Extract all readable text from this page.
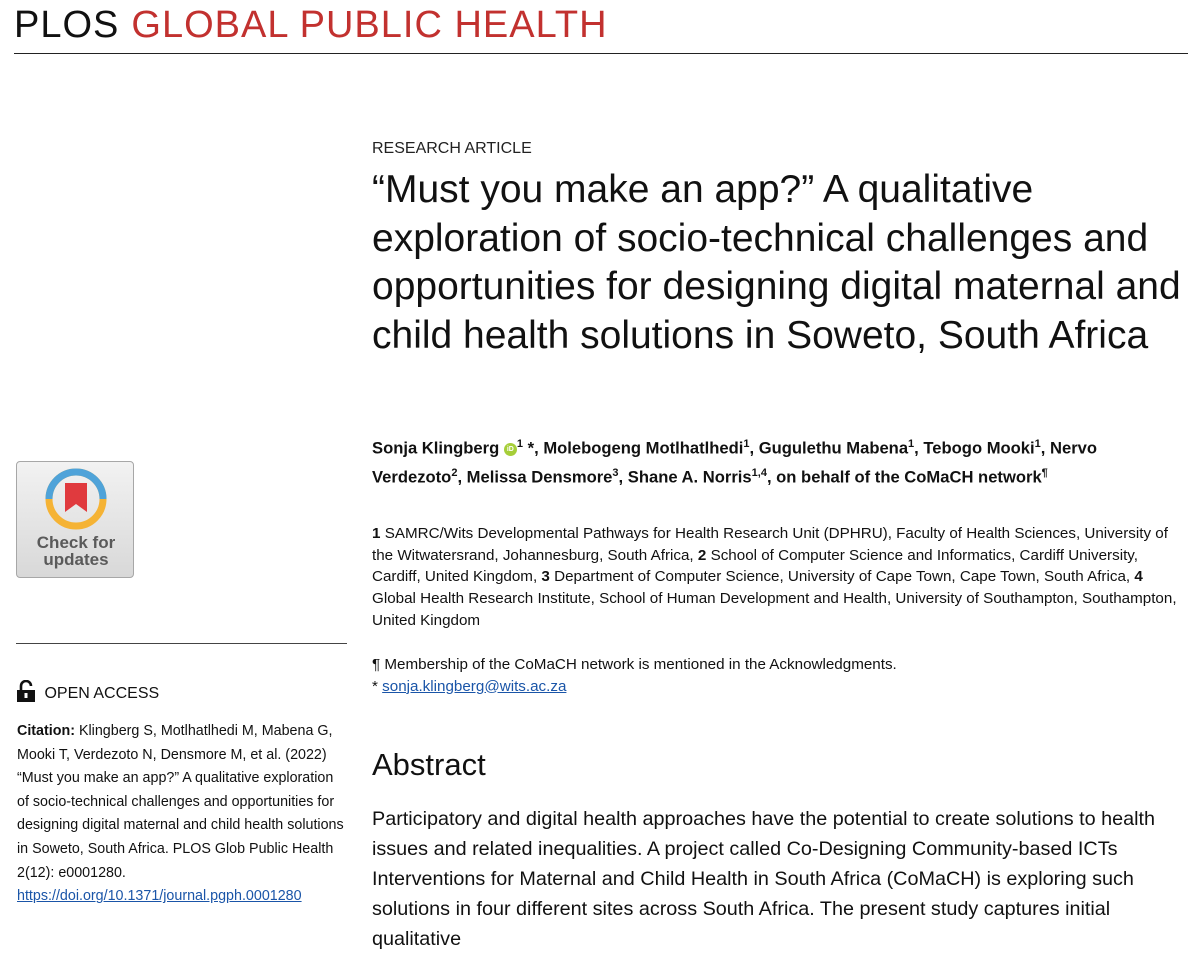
PLOS GLOBAL PUBLIC HEALTH
Check for
updates
OPEN ACCESS
Citation: Klingberg S, Motlhatlhedi M, Mabena G, Mooki T, Verdezoto N, Densmore M, et al. (2022) “Must you make an app?” A qualitative exploration of socio-technical challenges and opportunities for designing digital maternal and child health solutions in Soweto, South Africa. PLOS Glob Public Health 2(12): e0001280. https://doi.org/10.1371/journal.pgph.0001280
RESEARCH ARTICLE
“Must you make an app?” A qualitative exploration of socio-technical challenges and opportunities for designing digital maternal and child health solutions in Soweto, South Africa
Sonja Klingberg iD $^1$ *, Molebogeng Motlhatlhedi$^1$, Gugulethu Mabena$^1$, Tebogo Mooki$^1$, Nervo Verdezoto$^2$, Melissa Densmore$^3$, Shane A. Norris$^{1,4}$, on behalf of the CoMaCH network¶
1 SAMRC/Wits Developmental Pathways for Health Research Unit (DPHRU), Faculty of Health Sciences, University of the Witwatersrand, Johannesburg, South Africa, 2 School of Computer Science and Informatics, Cardiff University, Cardiff, United Kingdom, 3 Department of Computer Science, University of Cape Town, Cape Town, South Africa, 4 Global Health Research Institute, School of Human Development and Health, University of Southampton, Southampton, United Kingdom
¶ Membership of the CoMaCH network is mentioned in the Acknowledgments.
* sonja.klingberg@wits.ac.za
Abstract
Participatory and digital health approaches have the potential to create solutions to health issues and related inequalities. A project called Co-Designing Community-based ICTs Interventions for Maternal and Child Health in South Africa (CoMaCH) is exploring such solutions in four different sites across South Africa. The present study captures initial qualitative
